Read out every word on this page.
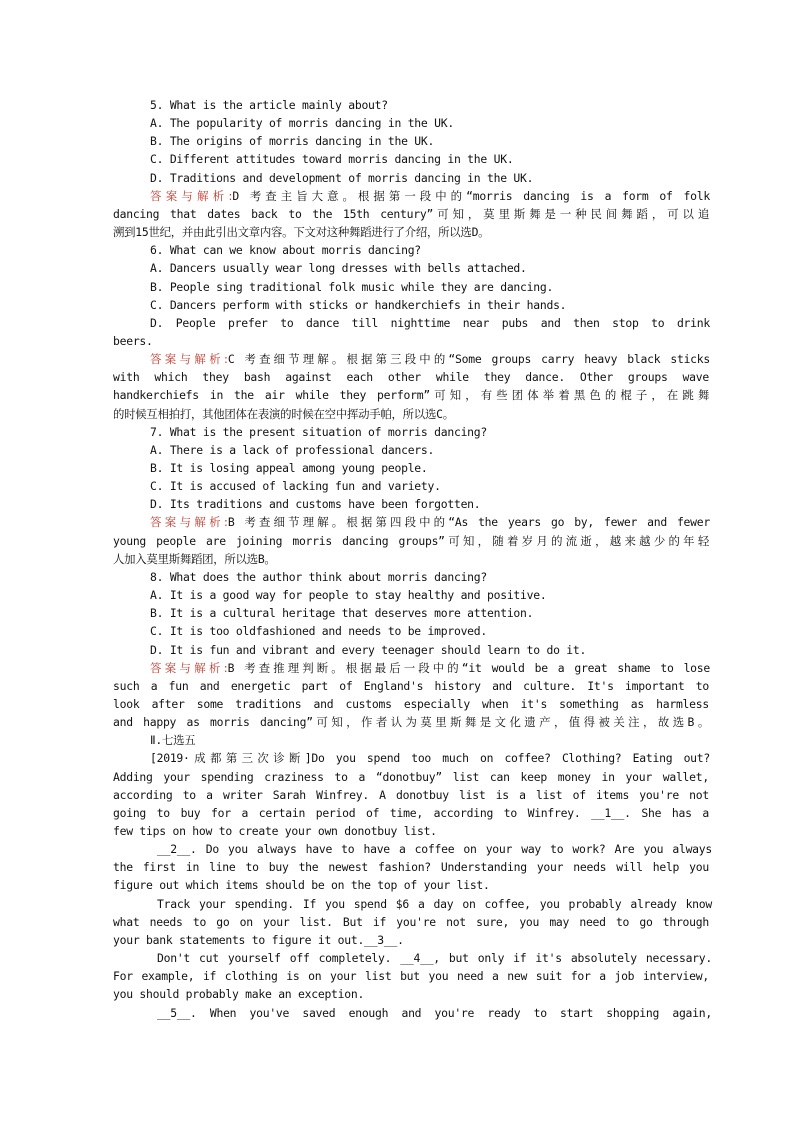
5. What is the article mainly about?
A. The popularity of morris dancing in the UK.
B. The origins of morris dancing in the UK.
C. Different attitudes toward morris dancing in the UK.
D. Traditions and development of morris dancing in the UK.
答案与解析:D 考查主旨大意。根据第一段中的“morris dancing is a form of folk
dancing that dates back to the 15th century”可知，莫里斯舞是一种民间舞蹈，可以追
溯到15世纪，并由此引出文章内容。下文对这种舞蹈进行了介绍，所以选D。
6. What can we know about morris dancing?
A. Dancers usually wear long dresses with bells attached.
B. People sing traditional folk music while they are dancing.
C. Dancers perform with sticks or handkerchiefs in their hands.
D. People prefer to dance till nighttime near pubs and then stop to drink
beers.
答案与解析:C 考查细节理解。根据第三段中的“Some groups carry heavy black sticks
with which they bash against each other while they dance. Other groups wave
handkerchiefs in the air while they perform”可知，有些团体举着黑色的棍子，在跳舞
的时候互相拍打，其他团体在表演的时候在空中挥动手帕，所以选C。
7. What is the present situation of morris dancing?
A. There is a lack of professional dancers.
B. It is losing appeal among young people.
C. It is accused of lacking fun and variety.
D. Its traditions and customs have been forgotten.
答案与解析:B 考查细节理解。根据第四段中的“As the years go by, fewer and fewer
young people are joining morris dancing groups”可知，随着岁月的流逝，越来越少的年轻
人加入莫里斯舞蹈团，所以选B。
8. What does the author think about morris dancing?
A. It is a good way for people to stay healthy and positive.
B. It is a cultural heritage that deserves more attention.
C. It is too oldfashioned and needs to be improved.
D. It is fun and vibrant and every teenager should learn to do it.
答案与解析:B 考查推理判断。根据最后一段中的“it would be a great shame to lose
such a fun and energetic part of England's history and culture. It's important to
look after some traditions and customs especially when it's something as harmless
and happy as morris dancing”可知，作者认为莫里斯舞是文化遗产，值得被关注，故选B。
Ⅱ.七选五
[2019·成都第三次诊断]Do you spend too much on coffee? Clothing? Eating out?
Adding your spending craziness to a “donotbuy” list can keep money in your wallet,
according to a writer Sarah Winfrey. A donotbuy list is a list of items you're not
going to buy for a certain period of time, according to Winfrey. __1__. She has a
few tips on how to create your own donotbuy list.
__2__. Do you always have to have a coffee on your way to work? Are you always
the first in line to buy the newest fashion? Understanding your needs will help you
figure out which items should be on the top of your list.
Track your spending. If you spend $6 a day on coffee, you probably already know
what needs to go on your list. But if you're not sure, you may need to go through
your bank statements to figure it out.__3__.
Don't cut yourself off completely. __4__, but only if it's absolutely necessary.
For example, if clothing is on your list but you need a new suit for a job interview,
you should probably make an exception.
__5__. When you've saved enough and you're ready to start shopping again,
